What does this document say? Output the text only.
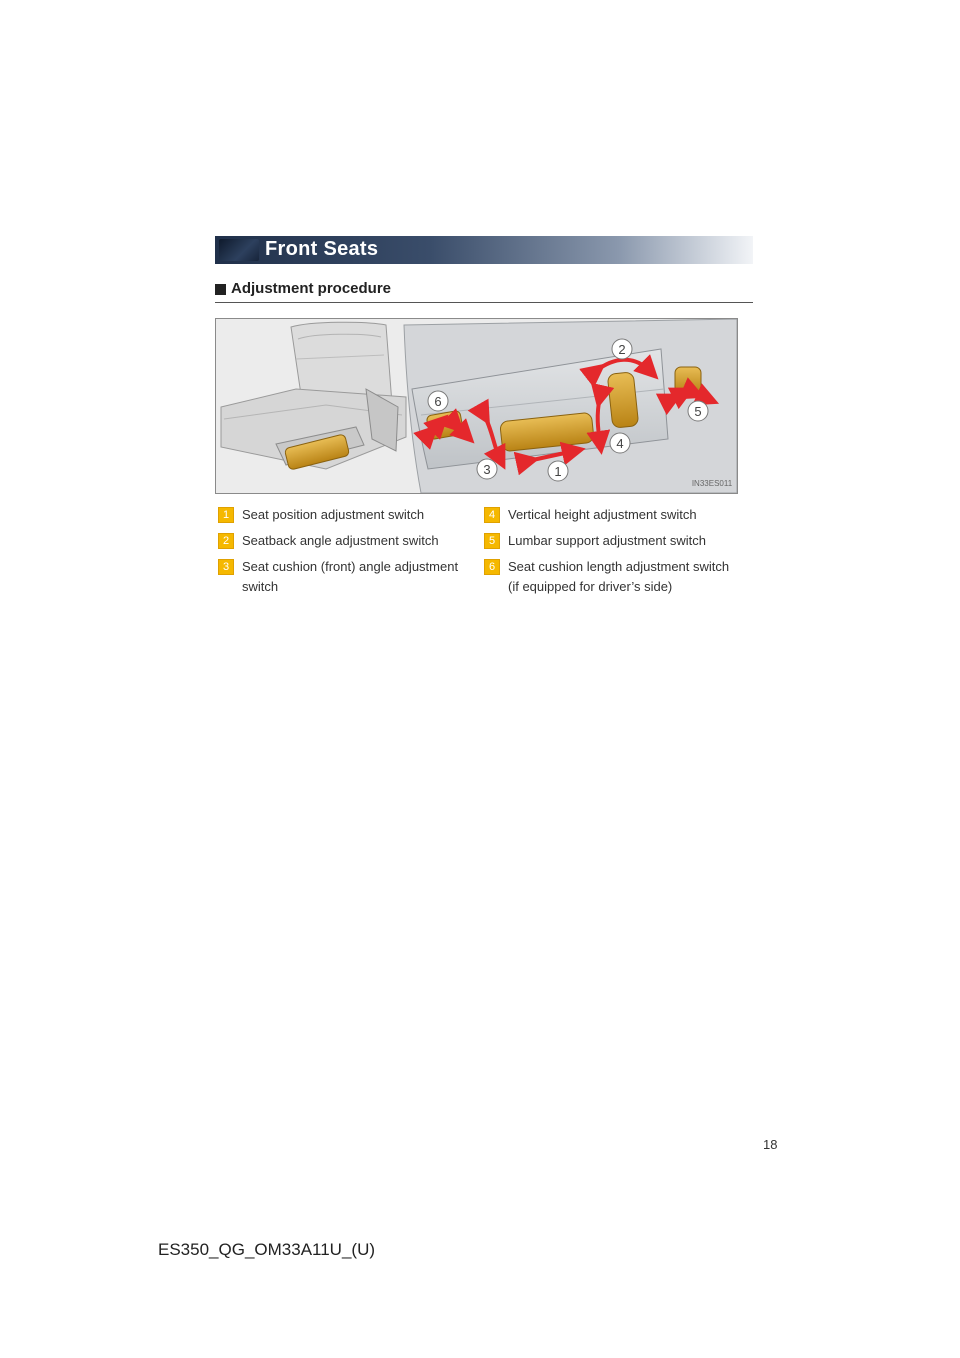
Front Seats
Adjustment procedure
1
2
3
4
5
6
IN33ES011
1 Seat position adjustment switch
2 Seatback angle adjustment switch
3 Seat cushion (front) angle adjustment switch
4 Vertical height adjustment switch
5 Lumbar support adjustment switch
6 Seat cushion length adjustment switch (if equipped for driver’s side)
18
ES350_QG_OM33A11U_(U)
